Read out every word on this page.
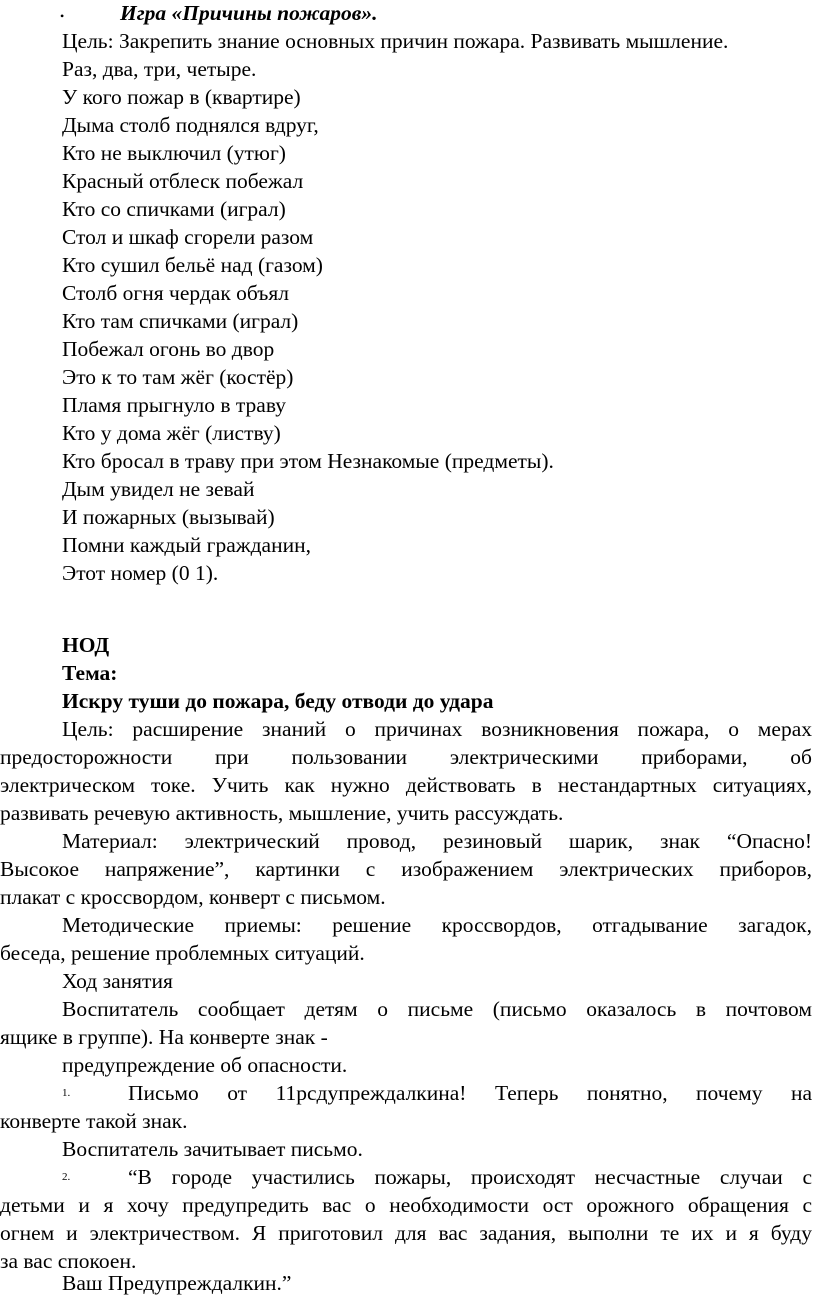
•	Игра «Причины пожаров».
Цель: Закрепить знание основных причин пожара. Развивать мышление.
Раз, два, три, четыре.
У кого пожар в (квартире)
Дыма столб поднялся вдруг,
Кто не выключил (утюг)
Красный отблеск побежал
Кто со спичками (играл)
Стол и шкаф сгорели разом
Кто сушил бельё над (газом)
Столб огня чердак объял
Кто там спичками (играл)
Побежал огонь во двор
Это к то там жёг (костёр)
Пламя прыгнуло в траву
Кто у дома жёг (листву)
Кто бросал в траву при этом Незнакомые (предметы).
Дым увидел не зевай
И пожарных (вызывай)
Помни каждый гражданин,
Этот номер (0 1).
НОД
Тема:
Искру туши до пожара, беду отводи до удара
Цель: расширение знаний о причинах возникновения пожара, о мерах
предосторожности при пользовании электрическими приборами, об
электрическом токе. Учить как нужно действовать в нестандартных ситуациях,
развивать речевую активность, мышление, учить рассуждать.
Материал: электрический провод, резиновый шарик, знак “Опасно!
Высокое напряжение”, картинки с изображением электрических приборов,
плакат с кроссвордом, конверт с письмом.
Методические приемы: решение кроссвордов, отгадывание загадок,
беседа, решение проблемных ситуаций.
Ход занятия
Воспитатель сообщает детям о письме (письмо оказалось в почтовом
ящике в группе). На конверте знак -
предупреждение об опасности.
1.	Письмо от 11рсдупреждалкина! Теперь понятно, почему на
конверте такой знак.
Воспитатель зачитывает письмо.
2.	“В городе участились пожары, происходят несчастные случаи с
детьми и я хочу предупредить вас о необходимости ост орожного обращения с
огнем и электричеством. Я приготовил для вас задания, выполни те их и я буду
за вас спокоен.
Ваш Предупреждалкин.”
